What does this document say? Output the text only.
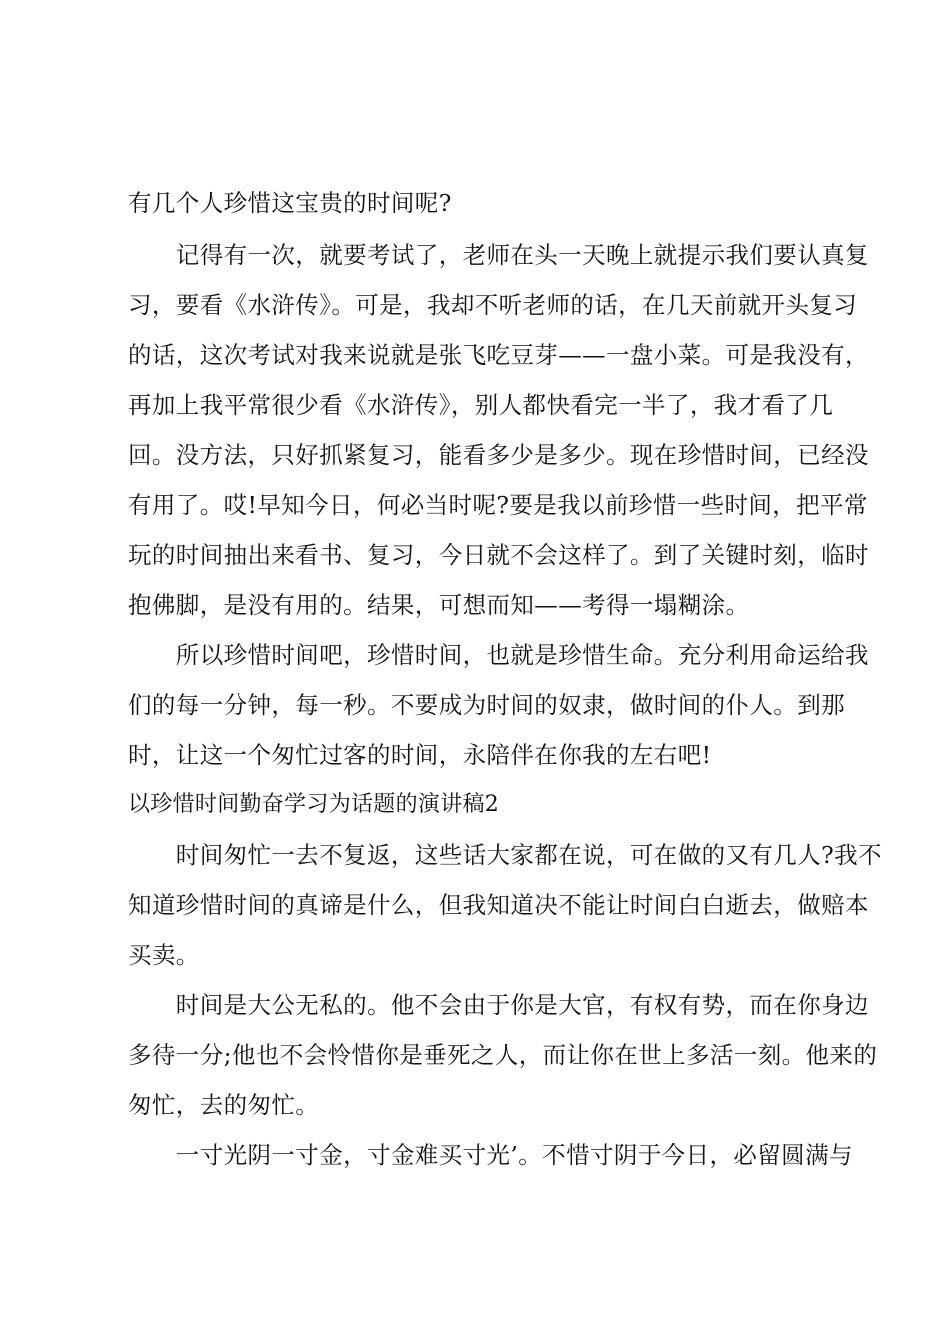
有几个人珍惜这宝贵的时间呢?
　　记得有一次，就要考试了，老师在头一天晚上就提示我们要认真复
习，要看《水浒传》。可是，我却不听老师的话，在几天前就开头复习
的话，这次考试对我来说就是张飞吃豆芽——一盘小菜。可是我没有，
再加上我平常很少看《水浒传》，别人都快看完一半了，我才看了几
回。没方法，只好抓紧复习，能看多少是多少。现在珍惜时间，已经没
有用了。哎!早知今日，何必当时呢?要是我以前珍惜一些时间，把平常
玩的时间抽出来看书、复习，今日就不会这样了。到了关键时刻，临时
抱佛脚，是没有用的。结果，可想而知——考得一塌糊涂。
　　所以珍惜时间吧，珍惜时间，也就是珍惜生命。充分利用命运给我
们的每一分钟，每一秒。不要成为时间的奴隶，做时间的仆人。到那
时，让这一个匆忙过客的时间，永陪伴在你我的左右吧!
以珍惜时间勤奋学习为话题的演讲稿2
　　时间匆忙一去不复返，这些话大家都在说，可在做的又有几人?我不
知道珍惜时间的真谛是什么，但我知道决不能让时间白白逝去，做赔本
买卖。
　　时间是大公无私的。他不会由于你是大官，有权有势，而在你身边
多待一分;他也不会怜惜你是垂死之人，而让你在世上多活一刻。他来的
匆忙，去的匆忙。
　　一寸光阴一寸金，寸金难买寸光’。不惜寸阴于今日，必留圆满与
